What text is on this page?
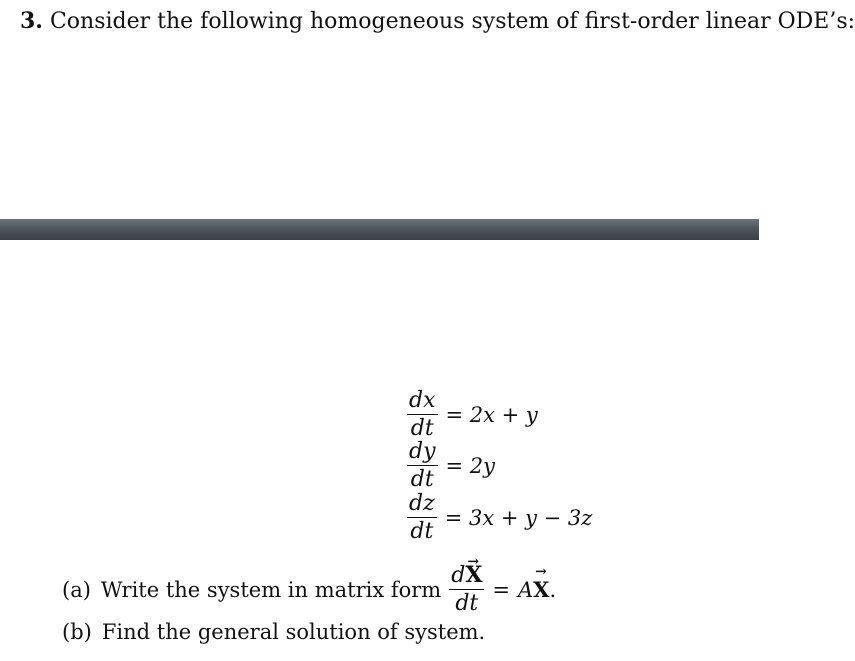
3. Consider the following homogeneous system of first-order linear ODE’s:
$\frac{dx}{dt} = 2x + y$
$\frac{dy}{dt} = 2y$
$\frac{dz}{dt} = 3x + y - 3z$
(a) Write the system in matrix form $\frac{d\to X}{dt} = A$
→ X .
(b) Find the general solution of system.
